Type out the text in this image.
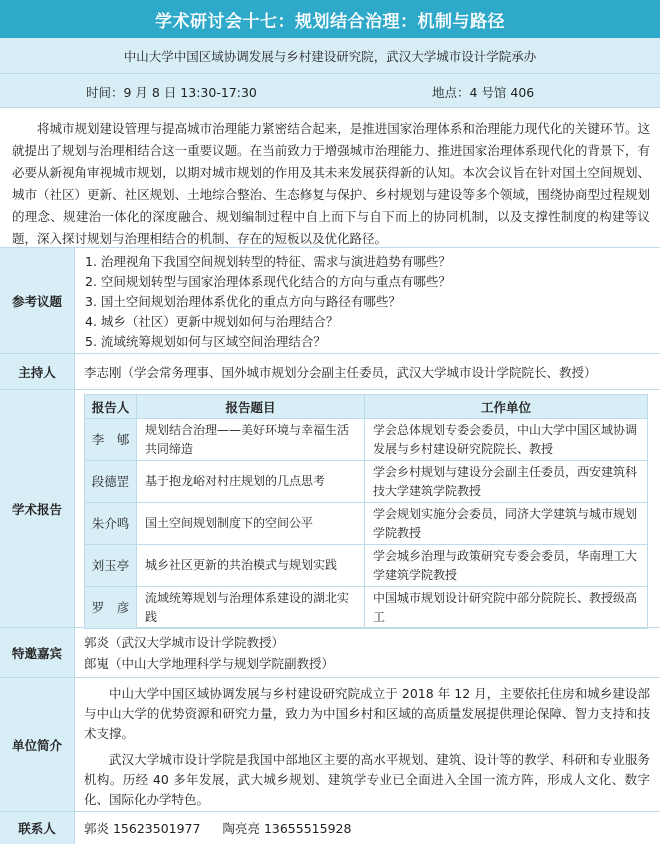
学术研讨会十七：规划结合治理：机制与路径
中山大学中国区域协调发展与乡村建设研究院，武汉大学城市设计学院承办
时间：9 月 8 日 13:30-17:30	地点：4 号馆 406
将城市规划建设管理与提高城市治理能力紧密结合起来，是推进国家治理体系和治理能力现代化的关键环节。这就提出了规划与治理相结合这一重要议题。在当前致力于增强城市治理能力、推进国家治理体系现代化的背景下，有必要从新视角审视城市规划，以期对城市规划的作用及其未来发展获得新的认知。本次会议旨在针对国土空间规划、城市（社区）更新、社区规划、土地综合整治、生态修复与保护、乡村规划与建设等多个领域，围绕协商型过程规划的理念、规建治一体化的深度融合、规划编制过程中自上而下与自下而上的协同机制，以及支撑性制度的构建等议题，深入探讨规划与治理相结合的机制、存在的短板以及优化路径。
参考议题
1. 治理视角下我国空间规划转型的特征、需求与演进趋势有哪些？
2. 空间规划转型与国家治理体系现代化结合的方向与重点有哪些？
3. 国土空间规划治理体系优化的重点方向与路径有哪些？
4. 城乡（社区）更新中规划如何与治理结合？
5. 流域统筹规划如何与区域空间治理结合？
主持人	李志刚（学会常务理事、国外城市规划分会副主任委员，武汉大学城市设计学院院长、教授）
学术报告
报告人	报告题目	工作单位
李　郇	规划结合治理——美好环境与幸福生活共同缔造	学会总体规划专委会委员，中山大学中国区域协调发展与乡村建设研究院院长、教授
段德罡	基于抱龙峪对村庄规划的几点思考	学会乡村规划与建设分会副主任委员，西安建筑科技大学建筑学院教授
朱介鸣	国土空间规划制度下的空间公平	学会规划实施分会委员，同济大学建筑与城市规划学院教授
刘玉亭	城乡社区更新的共治模式与规划实践	学会城乡治理与政策研究专委会委员，华南理工大学建筑学院教授
罗　彦	流域统筹规划与治理体系建设的湖北实践	中国城市规划设计研究院中部分院院长、教授级高工
特邀嘉宾
郭炎（武汉大学城市设计学院教授）
郎嵬（中山大学地理科学与规划学院副教授）
单位简介

中山大学中国区域协调发展与乡村建设研究院成立于 2018 年 12 月，主要依托住房和城乡建设部与中山大学的优势资源和研究力量，致力为中国乡村和区域的高质量发展提供理论保障、智力支持和技术支撑。

武汉大学城市设计学院是我国中部地区主要的高水平规划、建筑、设计等的教学、科研和专业服务机构。历经 40 多年发展，武大城乡规划、建筑学专业已全面进入全国一流方阵，形成人文化、数字化、国际化办学特色。

联系人	郭炎 15623501977 陶亮亮 13655515928
